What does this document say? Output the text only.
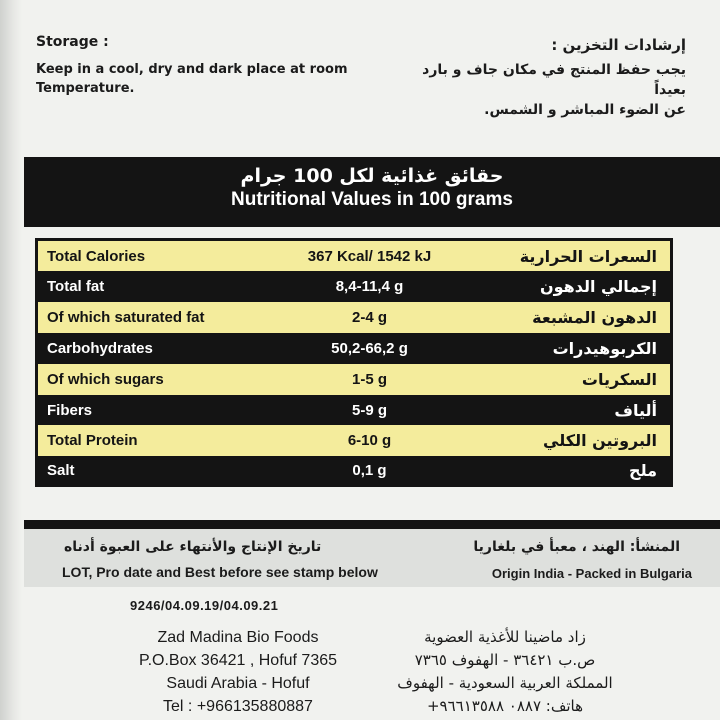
Storage :
Keep in a cool, dry and dark place at room
Temperature.
إرشادات التخزين :
يجب حفظ المنتج في مكان جاف و بارد بعيداً
عن الضوء المباشر و الشمس.
حقائق غذائية لكل 100 جرام
Nutritional Values in 100 grams
Total Calories	367 Kcal/ 1542 kJ	السعرات الحرارية
Total fat	8,4-11,4 g	إجمالي الدهون
Of which saturated fat	2-4 g	الدهون المشبعة
Carbohydrates	50,2-66,2 g	الكربوهيدرات
Of which sugars	1-5 g	السكريات
Fibers	5-9 g	ألياف
Total Protein	6-10 g	البروتين الكلي
Salt	0,1 g	ملح
تاريخ الإنتاج والأنتهاء على العبوة أدناه	المنشأ: الهند ، معبأ في بلغاريا
LOT, Pro date and Best before see stamp below	Origin India - Packed in Bulgaria
9246/04.09.19/04.09.21
Zad Madina Bio Foods
P.O.Box 36421 , Hofuf 7365
Saudi Arabia - Hofuf
Tel : +966135880887
زاد ماضينا للأغذية العضوية
ص.ب ٣٦٤٢١ - الهفوف ٧٣٦٥
المملكة العربية السعودية - الهفوف
هاتف: ٠٨٨٧ ٩٦٦١٣٥٨٨+
